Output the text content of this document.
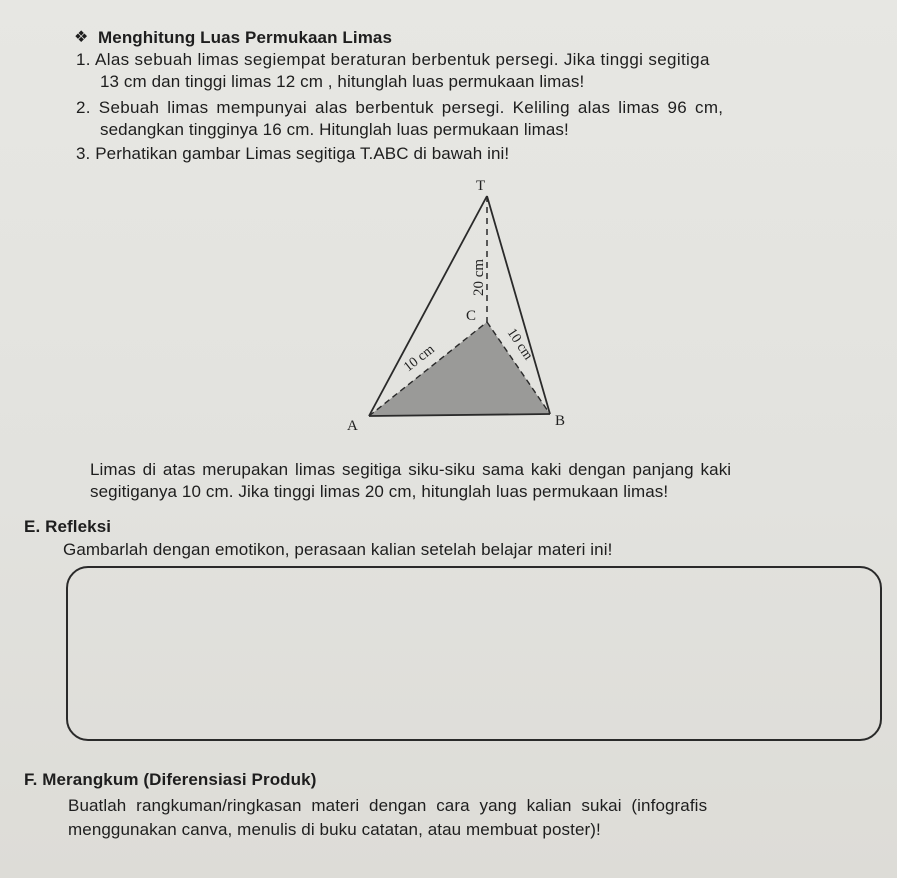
❖ Menghitung Luas Permukaan Limas
1. Alas sebuah limas segiempat beraturan berbentuk persegi. Jika tinggi segitiga
13 cm dan tinggi limas 12 cm , hitunglah luas permukaan limas!
2. Sebuah limas mempunyai alas berbentuk persegi. Keliling alas limas 96 cm,
sedangkan tingginya 16 cm. Hitunglah luas permukaan limas!
3. Perhatikan gambar Limas segitiga T.ABC di bawah ini!
T
A	B
C
20 cm
10 cm	10 cm
Limas di atas merupakan limas segitiga siku-siku sama kaki dengan panjang kaki
segitiganya 10 cm. Jika tinggi limas 20 cm, hitunglah luas permukaan limas!
E. Refleksi
Gambarlah dengan emotikon, perasaan kalian setelah belajar materi ini!
F. Merangkum (Diferensiasi Produk)
Buatlah rangkuman/ringkasan materi dengan cara yang kalian sukai (infografis
menggunakan canva, menulis di buku catatan, atau membuat poster)!
